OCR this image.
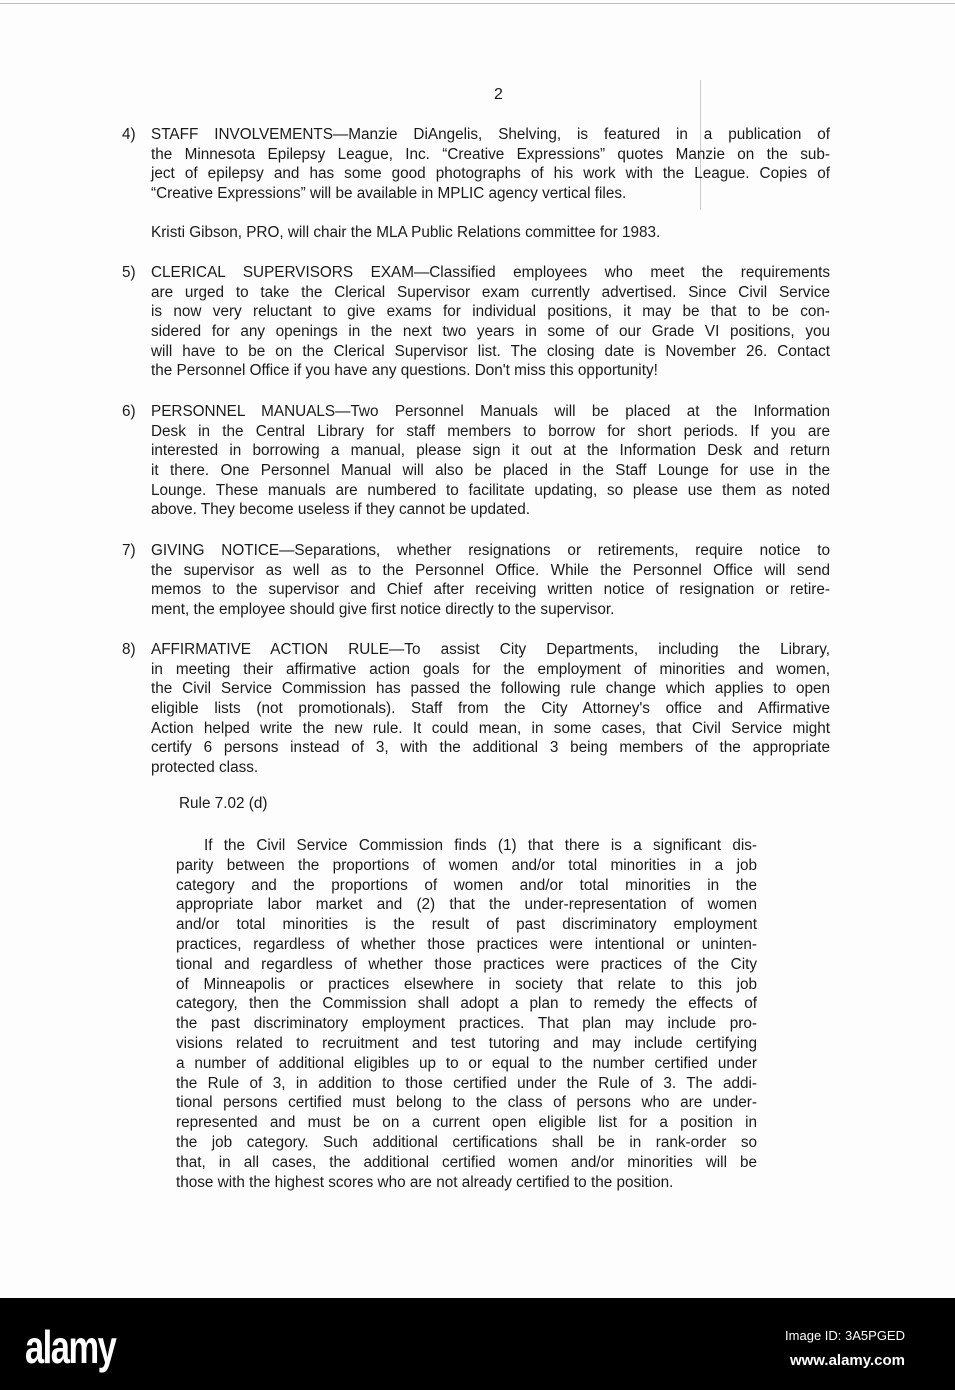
2
4) STAFF INVOLVEMENTS—Manzie DiAngelis, Shelving, is featured in a publication of
the Minnesota Epilepsy League, Inc. “Creative Expressions” quotes Manzie on the sub-
ject of epilepsy and has some good photographs of his work with the League. Copies of
“Creative Expressions” will be available in MPLIC agency vertical files.
Kristi Gibson, PRO, will chair the MLA Public Relations committee for 1983.
5) CLERICAL SUPERVISORS EXAM—Classified employees who meet the requirements
are urged to take the Clerical Supervisor exam currently advertised. Since Civil Service
is now very reluctant to give exams for individual positions, it may be that to be con-
sidered for any openings in the next two years in some of our Grade VI positions, you
will have to be on the Clerical Supervisor list. The closing date is November 26. Contact
the Personnel Office if you have any questions. Don't miss this opportunity!
6) PERSONNEL MANUALS—Two Personnel Manuals will be placed at the Information
Desk in the Central Library for staff members to borrow for short periods. If you are
interested in borrowing a manual, please sign it out at the Information Desk and return
it there. One Personnel Manual will also be placed in the Staff Lounge for use in the
Lounge. These manuals are numbered to facilitate updating, so please use them as noted
above. They become useless if they cannot be updated.
7) GIVING NOTICE—Separations, whether resignations or retirements, require notice to
the supervisor as well as to the Personnel Office. While the Personnel Office will send
memos to the supervisor and Chief after receiving written notice of resignation or retire-
ment, the employee should give first notice directly to the supervisor.
8) AFFIRMATIVE ACTION RULE—To assist City Departments, including the Library,
in meeting their affirmative action goals for the employment of minorities and women,
the Civil Service Commission has passed the following rule change which applies to open
eligible lists (not promotionals). Staff from the City Attorney's office and Affirmative
Action helped write the new rule. It could mean, in some cases, that Civil Service might
certify 6 persons instead of 3, with the additional 3 being members of the appropriate
protected class.
Rule 7.02 (d)
If the Civil Service Commission finds (1) that there is a significant dis-
parity between the proportions of women and/or total minorities in a job
category and the proportions of women and/or total minorities in the
appropriate labor market and (2) that the under-representation of women
and/or total minorities is the result of past discriminatory employment
practices, regardless of whether those practices were intentional or uninten-
tional and regardless of whether those practices were practices of the City
of Minneapolis or practices elsewhere in society that relate to this job
category, then the Commission shall adopt a plan to remedy the effects of
the past discriminatory employment practices. That plan may include pro-
visions related to recruitment and test tutoring and may include certifying
a number of additional eligibles up to or equal to the number certified under
the Rule of 3, in addition to those certified under the Rule of 3. The addi-
tional persons certified must belong to the class of persons who are under-
represented and must be on a current open eligible list for a position in
the job category. Such additional certifications shall be in rank-order so
that, in all cases, the additional certified women and/or minorities will be
those with the highest scores who are not already certified to the position.
alamy	Image ID: 3A5PGED
www.alamy.com
